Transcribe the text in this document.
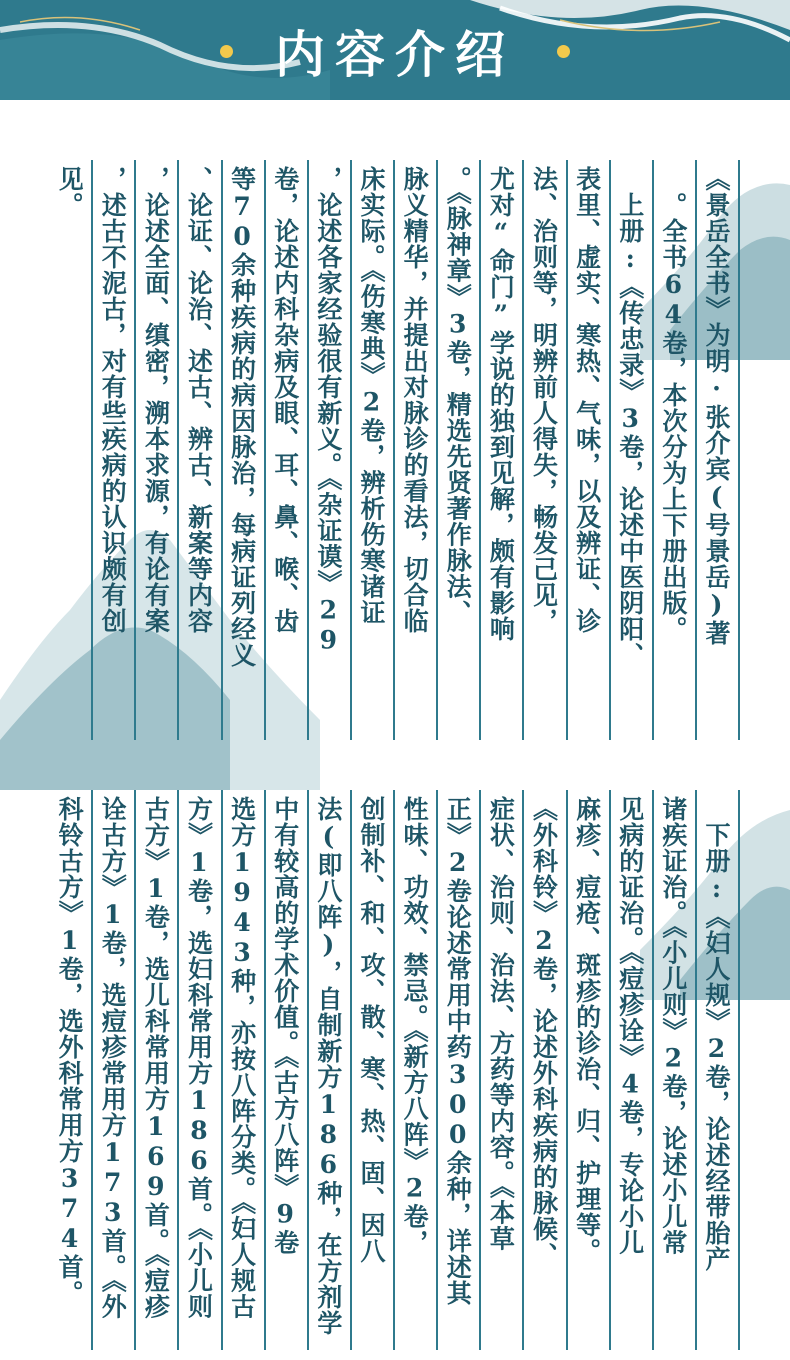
内容介绍
《景岳全书》为明·张介宾(号景岳)著
。全书64卷，本次分为上下册出版。
上册:《传忠录》3卷，论述中医阴阳、
表里、虚实、寒热、气味，以及辨证、诊
法、治则等，明辨前人得失，畅发己见，
尤对“命门”学说的独到见解，颇有影响
。《脉神章》3卷，精选先贤著作脉法、
脉义精华，并提出对脉诊的看法，切合临
床实际。《伤寒典》2卷，辨析伤寒诸证
，论述各家经验很有新义。《杂证谟》29
卷，论述内科杂病及眼、耳、鼻、喉、齿
等70余种疾病的病因脉治，每病证列经义
、论证、论治、述古、辨古、新案等内容
，论述全面、缜密，溯本求源，有论有案
，述古不泥古，对有些疾病的认识颇有创
见。
下册:《妇人规》2卷，论述经带胎产
诸疾证治。《小儿则》2卷，论述小儿常
见病的证治。《痘疹诠》4卷，专论小儿
麻疹、痘疮、斑疹的诊治、归、护理等。
《外科铃》2卷，论述外科疾病的脉候、
症状、治则、治法、方药等内容。《本草
正》2卷论述常用中药300余种，详述其
性味、功效、禁忌。《新方八阵》2卷，
创制补、和、攻、散、寒、热、固、因八
法(即八阵)，自制新方186种，在方剂学
中有较高的学术价值。《古方八阵》9卷
选方1943种，亦按八阵分类。《妇人规古
方》1卷，选妇科常用方186首。《小儿则
古方》1卷，选儿科常用方169首。《痘疹
诠古方》1卷，选痘疹常用方173首。《外
科铃古方》1卷，选外科常用方374首。
